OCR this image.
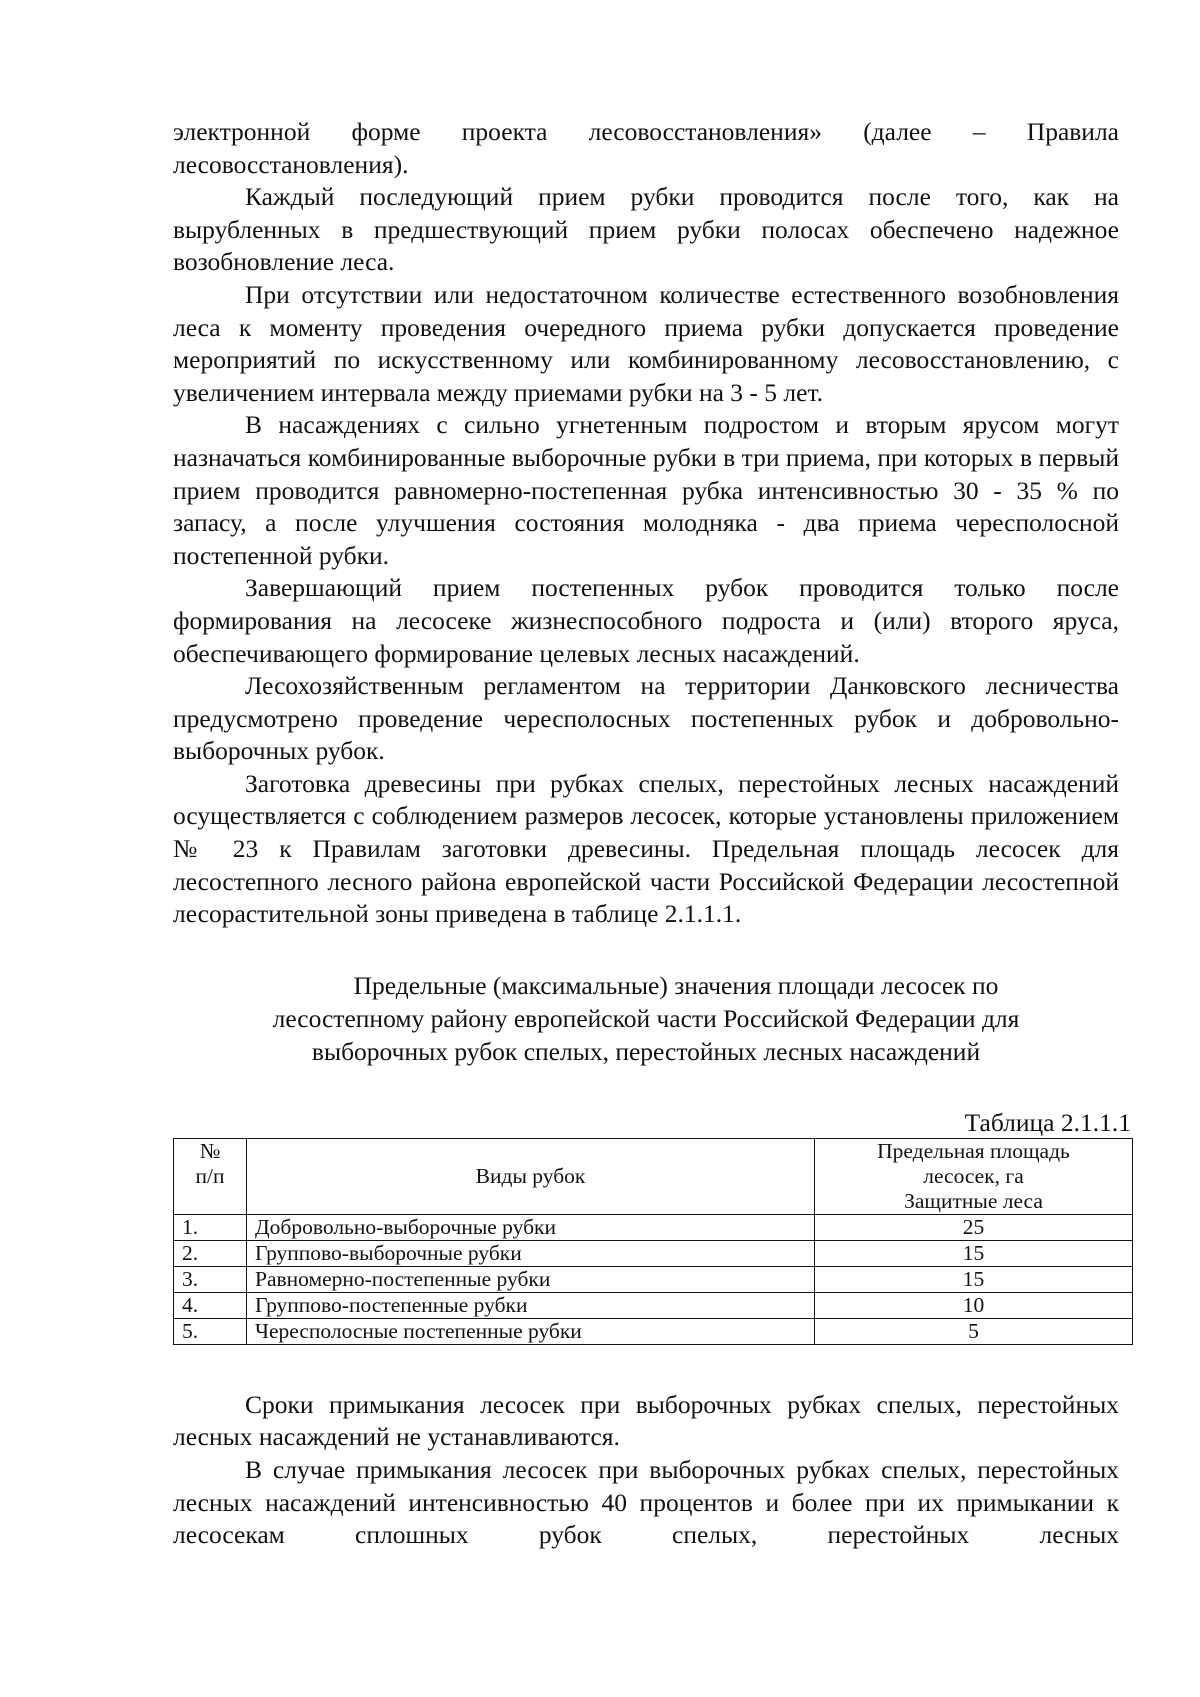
электронной форме проекта лесовосстановления» (далее – Правила лесовосстановления).

Каждый последующий прием рубки проводится после того, как на вырубленных в предшествующий прием рубки полосах обеспечено надежное возобновление леса.

При отсутствии или недостаточном количестве естественного возобновления леса к моменту проведения очередного приема рубки допускается проведение мероприятий по искусственному или комбинированному лесовосстановлению, с увеличением интервала между приемами рубки на 3 - 5 лет.

В насаждениях с сильно угнетенным подростом и вторым ярусом могут назначаться комбинированные выборочные рубки в три приема, при которых в первый прием проводится равномерно-постепенная рубка интенсивностью 30 - 35 % по запасу, а после улучшения состояния молодняка - два приема чересполосной постепенной рубки.

Завершающий прием постепенных рубок проводится только после формирования на лесосеке жизнеспособного подроста и (или) второго яруса, обеспечивающего формирование целевых лесных насаждений.

Лесохозяйственным регламентом на территории Данковского лесничества предусмотрено проведение чересполосных постепенных рубок и добровольно-выборочных рубок.

Заготовка древесины при рубках спелых, перестойных лесных насаждений осуществляется с соблюдением размеров лесосек, которые установлены приложением № 23 к Правилам заготовки древесины. Предельная площадь лесосек для лесостепного лесного района европейской части Российской Федерации лесостепной лесорастительной зоны приведена в таблице 2.1.1.1.

Предельные (максимальные) значения площади лесосек по
лесостепному району европейской части Российской Федерации для
выборочных рубок спелых, перестойных лесных насаждений
Таблица 2.1.1.1
№
п/п	Виды рубок	Предельная площадь
лесосек, га
Защитные леса

1.	Добровольно-выборочные рубки	25
2.	Группово-выборочные рубки	15
3.	Равномерно-постепенные рубки	15
4.	Группово-постепенные рубки	10
5.	Чересполосные постепенные рубки	5

Сроки примыкания лесосек при выборочных рубках спелых, перестойных лесных насаждений не устанавливаются.

В случае примыкания лесосек при выборочных рубках спелых, перестойных лесных насаждений интенсивностью 40 процентов и более при их примыкании к лесосекам сплошных рубок спелых, перестойных лесных
